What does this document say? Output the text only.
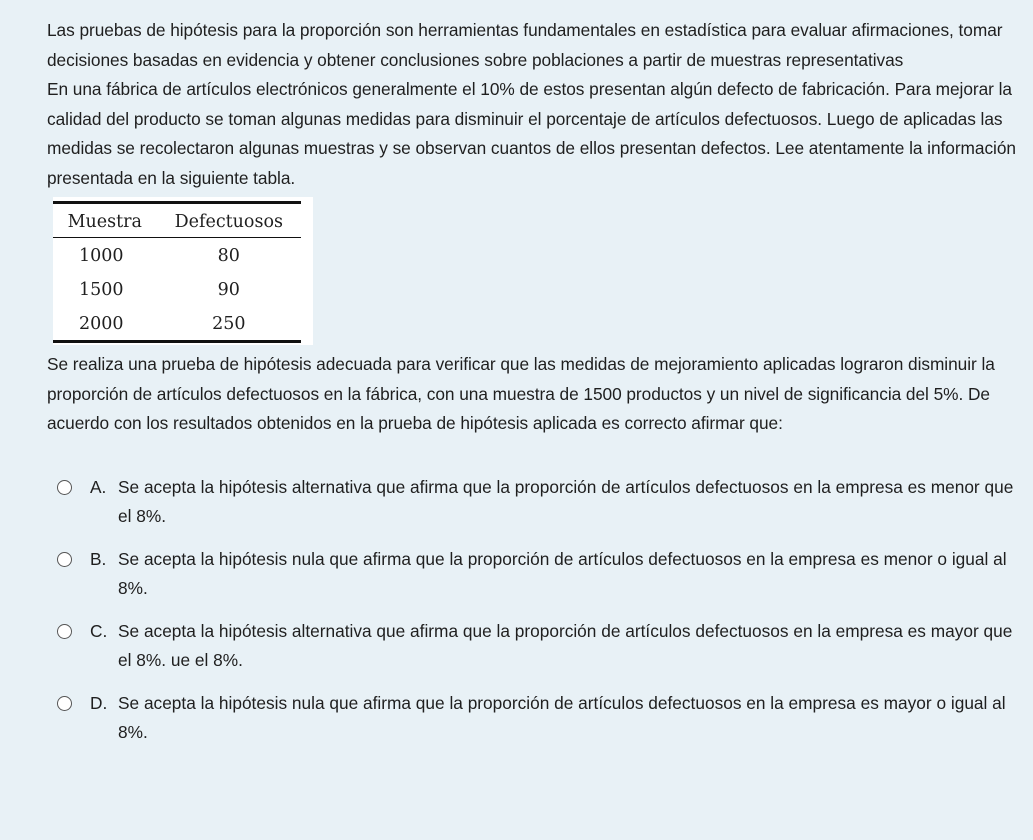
Las pruebas de hipótesis para la proporción son herramientas fundamentales en estadística para evaluar afirmaciones, tomar decisiones basadas en evidencia y obtener conclusiones sobre poblaciones a partir de muestras representativas

En una fábrica de artículos electrónicos generalmente el 10% de estos presentan algún defecto de fabricación. Para mejorar la calidad del producto se toman algunas medidas para disminuir el porcentaje de artículos defectuosos. Luego de aplicadas las medidas se recolectaron algunas muestras y se observan cuantos de ellos presentan defectos. Lee atentamente la información presentada en la siguiente tabla.

Muestra	Defectuosos
1000	80
1500	90
2000	250

Se realiza una prueba de hipótesis adecuada para verificar que las medidas de mejoramiento aplicadas lograron disminuir la proporción de artículos defectuosos en la fábrica, con una muestra de 1500 productos y un nivel de significancia del 5%. De acuerdo con los resultados obtenidos en la prueba de hipótesis aplicada es correcto afirmar que:

A. Se acepta la hipótesis alternativa que afirma que la proporción de artículos defectuosos en la empresa es menor que el 8%.
B. Se acepta la hipótesis nula que afirma que la proporción de artículos defectuosos en la empresa es menor o igual al 8%.
C. Se acepta la hipótesis alternativa que afirma que la proporción de artículos defectuosos en la empresa es mayor que el 8%. ue el 8%.
D. Se acepta la hipótesis nula que afirma que la proporción de artículos defectuosos en la empresa es mayor o igual al 8%.
